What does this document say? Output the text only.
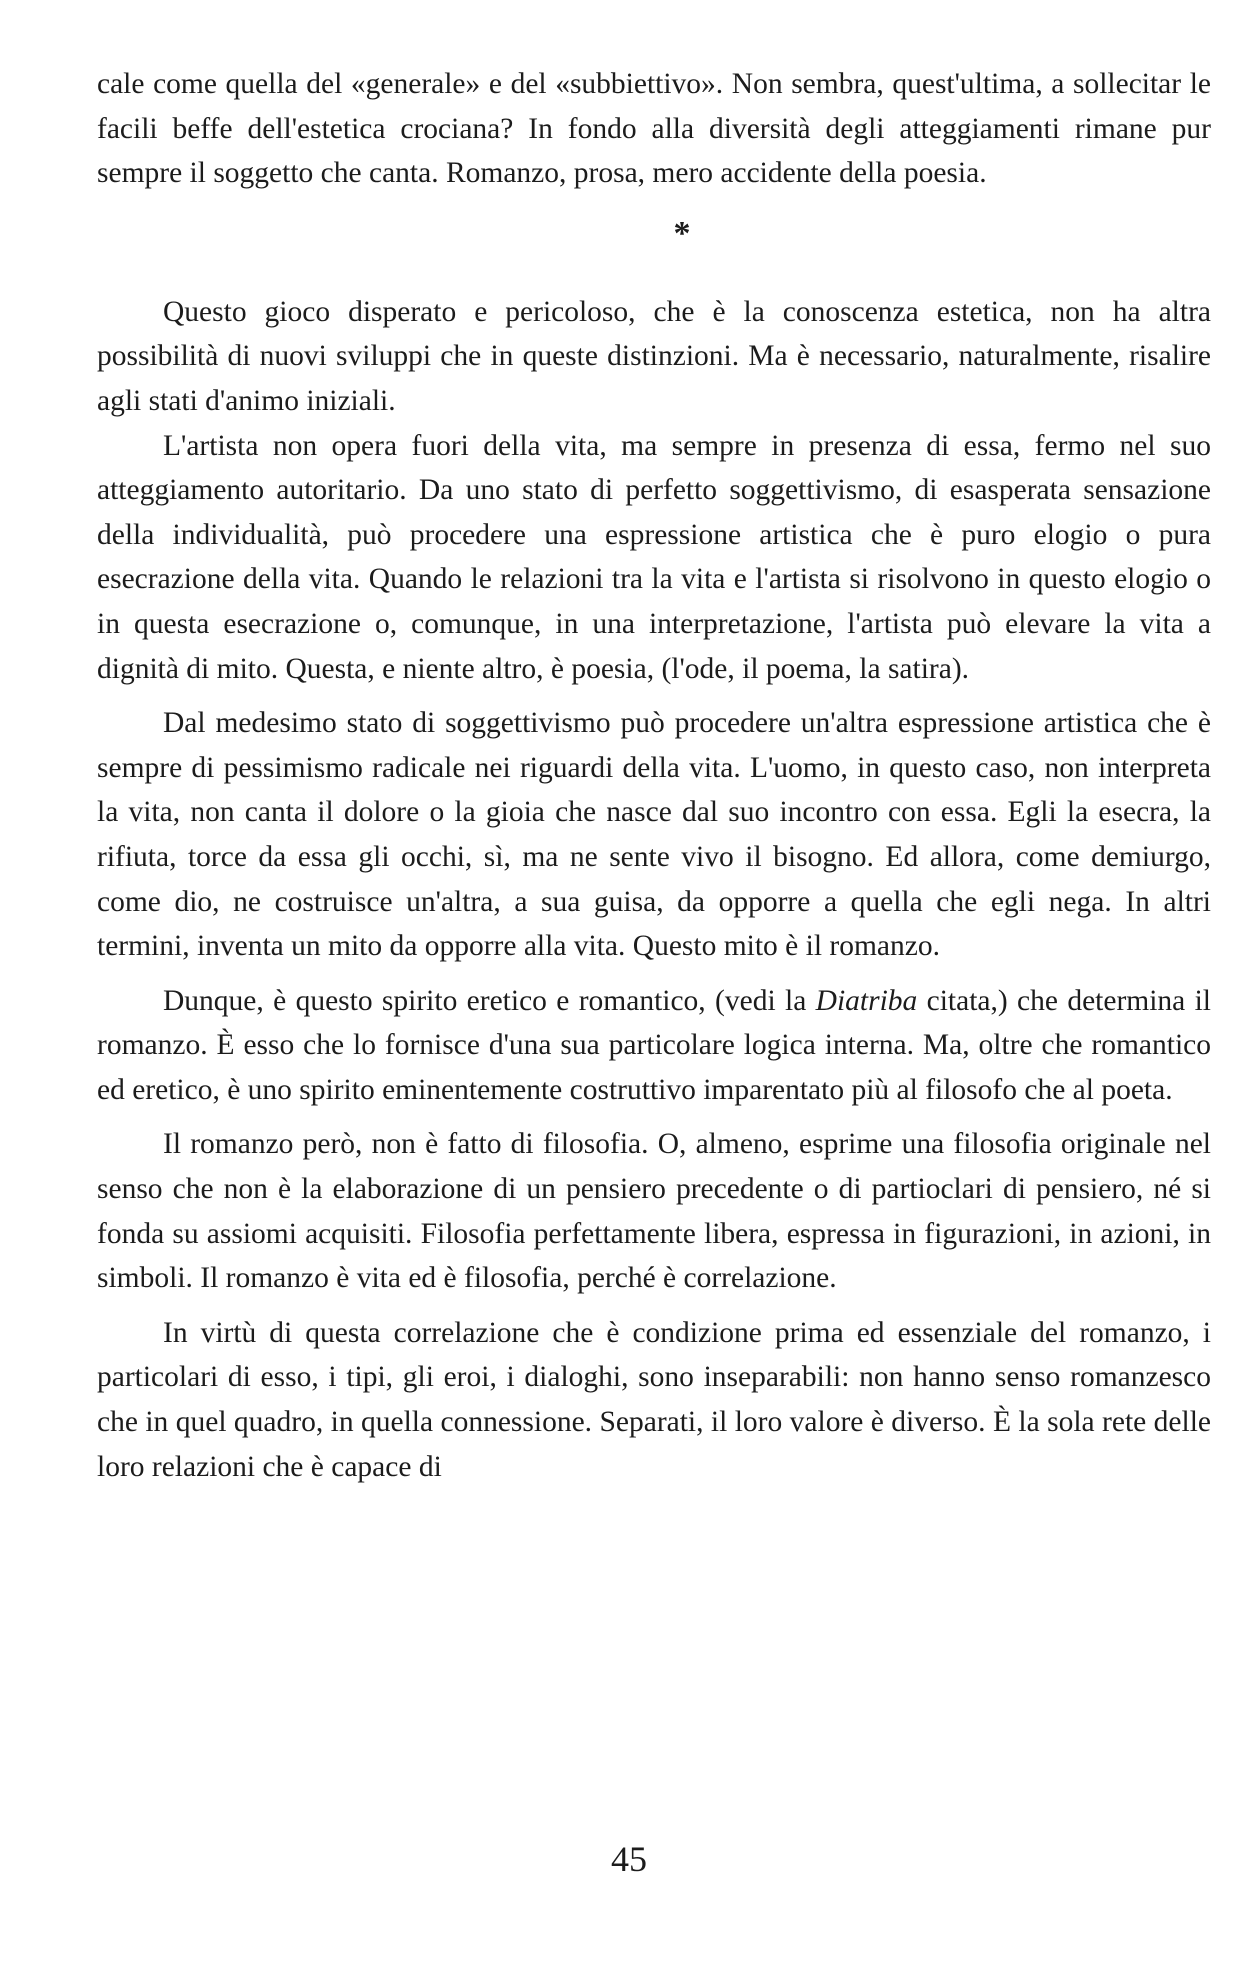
cale come quella del «generale» e del «subbiettivo». Non sembra, quest'ultima, a sollecitar le facili beffe dell'estetica crociana? In fondo alla diversità degli atteggiamenti rimane pur sempre il soggetto che canta. Romanzo, prosa, mero accidente della poesia.

*

Questo gioco disperato e pericoloso, che è la conoscenza estetica, non ha altra possibilità di nuovi sviluppi che in queste distinzioni. Ma è necessario, naturalmente, risalire agli stati d'animo iniziali.

L'artista non opera fuori della vita, ma sempre in presenza di essa, fermo nel suo atteggiamento autoritario. Da uno stato di perfetto soggettivismo, di esasperata sensazione della individualità, può procedere una espressione artistica che è puro elogio o pura esecrazione della vita. Quando le relazioni tra la vita e l'artista si risolvono in questo elogio o in questa esecrazione o, comunque, in una interpretazione, l'artista può elevare la vita a dignità di mito. Questa, e niente altro, è poesia, (l'ode, il poema, la satira).

Dal medesimo stato di soggettivismo può procedere un'altra espressione artistica che è sempre di pessimismo radicale nei riguardi della vita. L'uomo, in questo caso, non interpreta la vita, non canta il dolore o la gioia che nasce dal suo incontro con essa. Egli la esecra, la rifiuta, torce da essa gli occhi, sì, ma ne sente vivo il bisogno. Ed allora, come demiurgo, come dio, ne costruisce un'altra, a sua guisa, da opporre a quella che egli nega. In altri termini, inventa un mito da opporre alla vita. Questo mito è il romanzo.

Dunque, è questo spirito eretico e romantico, (vedi la Diatriba citata,) che determina il romanzo. È esso che lo fornisce d'una sua particolare logica interna. Ma, oltre che romantico ed eretico, è uno spirito eminentemente costruttivo imparentato più al filosofo che al poeta.

Il romanzo però, non è fatto di filosofia. O, almeno, esprime una filosofia originale nel senso che non è la elaborazione di un pensiero precedente o di partioclari di pensiero, né si fonda su assiomi acquisiti. Filosofia perfettamente libera, espressa in figurazioni, in azioni, in simboli. Il romanzo è vita ed è filosofia, perché è correlazione.

In virtù di questa correlazione che è condizione prima ed essenziale del romanzo, i particolari di esso, i tipi, gli eroi, i dialoghi, sono inseparabili: non hanno senso romanzesco che in quel quadro, in quella connessione. Separati, il loro valore è diverso. È la sola rete delle loro relazioni che è capace di

45
